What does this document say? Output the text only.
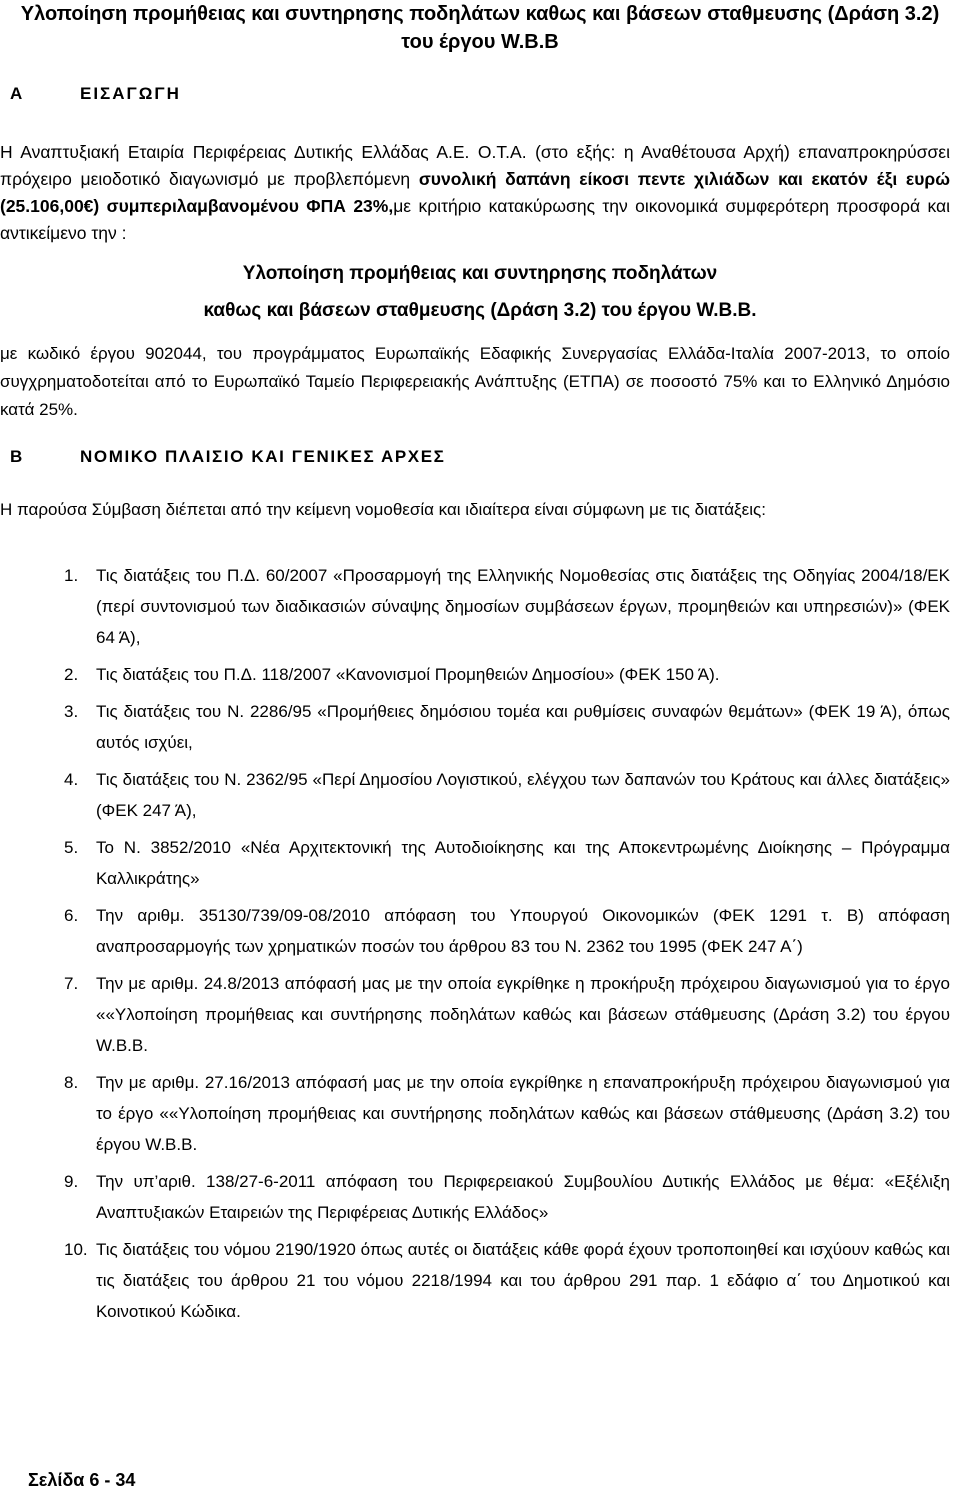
Υλοποίηση προμήθειας και συντηρησης ποδηλάτων καθως και βάσεων σταθμευσης (Δράση 3.2)
του έργου W.B.B
Α	ΕΙΣΑΓΩΓΗ
Η Αναπτυξιακή Εταιρία Περιφέρειας Δυτικής Ελλάδας Α.Ε. Ο.Τ.Α. (στο εξής: η Αναθέτουσα Αρχή) επαναπροκηρύσσει πρόχειρο μειοδοτικό διαγωνισμό με προβλεπόμενη συνολική δαπάνη είκοσι πεντε χιλιάδων και εκατόν έξι ευρώ (25.106,00€) συμπεριλαμβανομένου ΦΠΑ 23%,με κριτήριο κατακύρωσης την οικονομικά συμφερότερη προσφορά και αντικείμενο την :
Υλοποίηση προμήθειας και συντηρησης ποδηλάτων
καθως και βάσεων σταθμευσης (Δράση 3.2) του έργου W.B.B.
με κωδικό έργου 902044, του προγράμματος Ευρωπαϊκής Εδαφικής Συνεργασίας Ελλάδα-Ιταλία 2007-2013, το οποίο συγχρηματοδοτείται από το Ευρωπαϊκό Ταμείο Περιφερειακής Ανάπτυξης (ΕΤΠΑ) σε ποσοστό 75% και το Ελληνικό Δημόσιο κατά 25%.
Β	ΝΟΜΙΚΟ ΠΛΑΙΣΙΟ ΚΑΙ ΓΕΝΙΚΕΣ ΑΡΧΕΣ
Η παρούσα Σύμβαση διέπεται από την κείμενη νομοθεσία και ιδιαίτερα είναι σύμφωνη με τις διατάξεις:
1. Τις διατάξεις του Π.Δ. 60/2007 «Προσαρμογή της Ελληνικής Νομοθεσίας στις διατάξεις της Οδηγίας 2004/18/ΕΚ (περί συντονισμού των διαδικασιών σύναψης δημοσίων συμβάσεων έργων, προμηθειών και υπηρεσιών)» (ΦΕΚ 64 Ά),
2. Τις διατάξεις του Π.Δ. 118/2007 «Κανονισμοί Προμηθειών Δημοσίου» (ΦΕΚ 150 Ά).
3. Τις διατάξεις του Ν. 2286/95 «Προμήθειες δημόσιου τομέα και ρυθμίσεις συναφών θεμάτων» (ΦΕΚ 19 Ά), όπως αυτός ισχύει,
4. Τις διατάξεις του Ν. 2362/95 «Περί Δημοσίου Λογιστικού, ελέγχου των δαπανών του Κράτους και άλλες διατάξεις» (ΦΕΚ 247 Ά),
5. Το Ν. 3852/2010 «Νέα Αρχιτεκτονική της Αυτοδιοίκησης και της Αποκεντρωμένης Διοίκησης – Πρόγραμμα Καλλικράτης»
6. Την αριθμ. 35130/739/09-08/2010 απόφαση του Υπουργού Οικονομικών (ΦΕΚ 1291 τ. Β) απόφαση αναπροσαρμογής των χρηματικών ποσών του άρθρου 83 του Ν. 2362 του 1995 (ΦΕΚ 247 Α΄)
7. Την με αριθμ. 24.8/2013 απόφασή μας με την οποία εγκρίθηκε η προκήρυξη πρόχειρου διαγωνισμού για το έργο ««Υλοποίηση προμήθειας και συντήρησης ποδηλάτων καθώς και βάσεων στάθμευσης (Δράση 3.2) του έργου W.B.B.
8. Την με αριθμ. 27.16/2013 απόφασή μας με την οποία εγκρίθηκε η επαναπροκήρυξη πρόχειρου διαγωνισμού για το έργο ««Υλοποίηση προμήθειας και συντήρησης ποδηλάτων καθώς και βάσεων στάθμευσης (Δράση 3.2) του έργου W.B.B.
9. Την υπ’αριθ. 138/27-6-2011 απόφαση του Περιφερειακού Συμβουλίου Δυτικής Ελλάδος με θέμα: «Εξέλιξη Αναπτυξιακών Εταιρειών της Περιφέρειας Δυτικής Ελλάδος»
10. Τις διατάξεις του νόμου 2190/1920 όπως αυτές οι διατάξεις κάθε φορά έχουν τροποποιηθεί και ισχύουν καθώς και τις διατάξεις του άρθρου 21 του νόμου 2218/1994 και του άρθρου 291 παρ. 1 εδάφιο α΄ του Δημοτικού και Κοινοτικού Κώδικα.
Σελίδα 6 - 34
